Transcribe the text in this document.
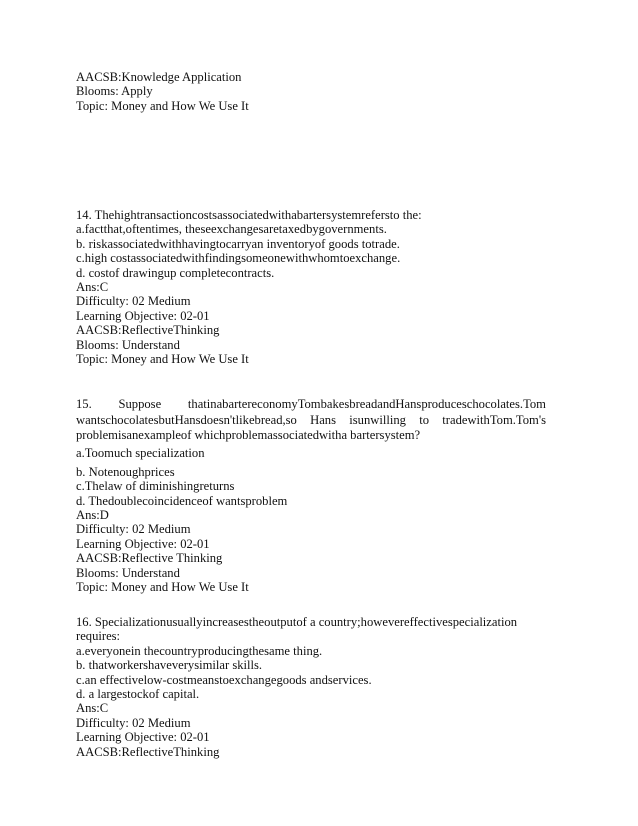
AACSB:Knowledge Application
Blooms: Apply
Topic: Money and How We Use It
14. Thehightransactioncostsassociatedwithabartersystemrefersto the:
a.factthat,oftentimes, theseexchangesaretaxedbygovernments.
b. riskassociatedwithhavingtocarryan inventoryof goods totrade.
c.high costassociatedwithfindingsomeonewithwhomtoexchange.
d. costof drawingup completecontracts.
Ans:C
Difficulty: 02 Medium
Learning Objective: 02-01
AACSB:ReflectiveThinking
Blooms: Understand
Topic: Money and How We Use It
15. Suppose thatinabartereconomyTombakesbreadandHansproduceschocolates.Tom
wantschocolatesbutHansdoesn'tlikebread,so Hans isunwilling to tradewithTom.Tom's
problemisanexampleof whichproblemassociatedwitha bartersystem?
a.Toomuch specialization
b. Notenoughprices
c.Thelaw of diminishingreturns
d. Thedoublecoincidenceof wantsproblem
Ans:D
Difficulty: 02 Medium
Learning Objective: 02-01
AACSB:Reflective Thinking
Blooms: Understand
Topic: Money and How We Use It
16. Specializationusuallyincreasestheoutputof a country;howevereffectivespecialization
requires:
a.everyonein thecountryproducingthesame thing.
b. thatworkershaveverysimilar skills.
c.an effectivelow-costmeanstoexchangegoods andservices.
d. a largestockof capital.
Ans:C
Difficulty: 02 Medium
Learning Objective: 02-01
AACSB:ReflectiveThinking
